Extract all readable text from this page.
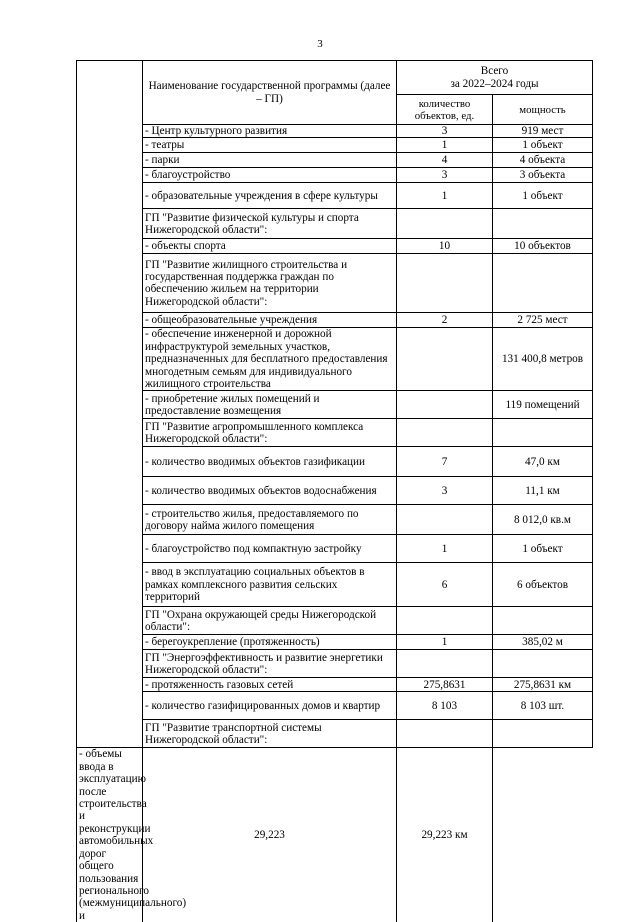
3
	Наименование государственной программы (далее – ГП)	Всего
за 2022–2024 годы	

		количество объектов, ед.	мощность
	- Центр культурного развития	3	919 мест
	- театры	1	1 объект
	- парки	4	4 объекта
	- благоустройство	3	3 объекта
	- образовательные учреждения в сфере культуры	1	1 объект
	ГП "Развитие физической культуры и спорта Нижегородской области":		
	- объекты спорта	10	10 объектов
	ГП "Развитие жилищного строительства и государственная поддержка граждан по обеспечению жильем на территории Нижегородской области":		
	- общеобразовательные учреждения	2	2 725 мест
	- обеспечение инженерной и дорожной инфраструктурой земельных участков, предназначенных для бесплатного предоставления многодетным семьям для индивидуального жилищного строительства		131 400,8 метров
	- приобретение жилых помещений и предоставление возмещения		119 помещений
	ГП "Развитие агропромышленного комплекса Нижегородской области":		
	- количество вводимых объектов газификации	7	47,0 км
	- количество вводимых объектов водоснабжения	3	11,1 км
	- строительство жилья, предоставляемого по договору найма жилого помещения		8 012,0 кв.м
	- благоустройство под компактную застройку	1	1 объект
	- ввод в эксплуатацию социальных объектов в рамках комплексного развития сельских территорий	6	6 объектов
	ГП "Охрана окружающей среды Нижегородской области":		
	- берегоукрепление (протяженность)	1	385,02 м
	ГП "Энергоэффективность и развитие энергетики Нижегородской области":		
	- протяженность газовых сетей	275,8631	275,8631 км
	- количество газифицированных домов и квартир	8 103	8 103 шт.
	ГП "Развитие транспортной системы Нижегородской области":		
- объемы ввода в эксплуатацию после строительства и реконструкции автомобильных дорог общего пользования регионального (межмуниципального) и	29,223	29,223 км	
